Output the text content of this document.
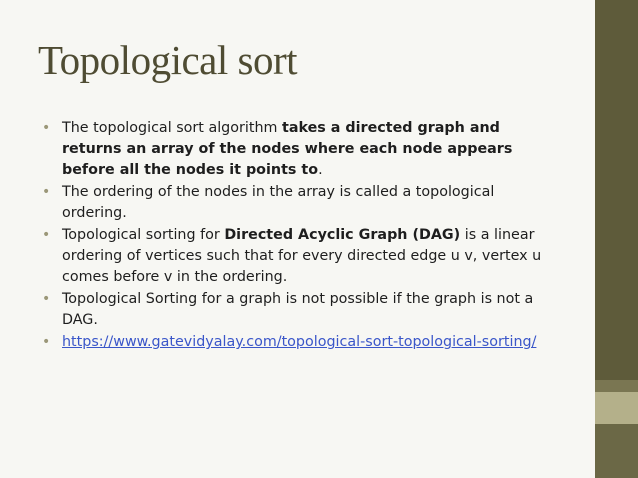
Topological sort
• The topological sort algorithm takes a directed graph and returns an array of the nodes where each node appears before all the nodes it points to.
• The ordering of the nodes in the array is called a topological ordering.
• Topological sorting for Directed Acyclic Graph (DAG) is a linear ordering of vertices such that for every directed edge u v, vertex u comes before v in the ordering.
• Topological Sorting for a graph is not possible if the graph is not a DAG.
• https://www.gatevidyalay.com/topological-sort-topological-sorting/
